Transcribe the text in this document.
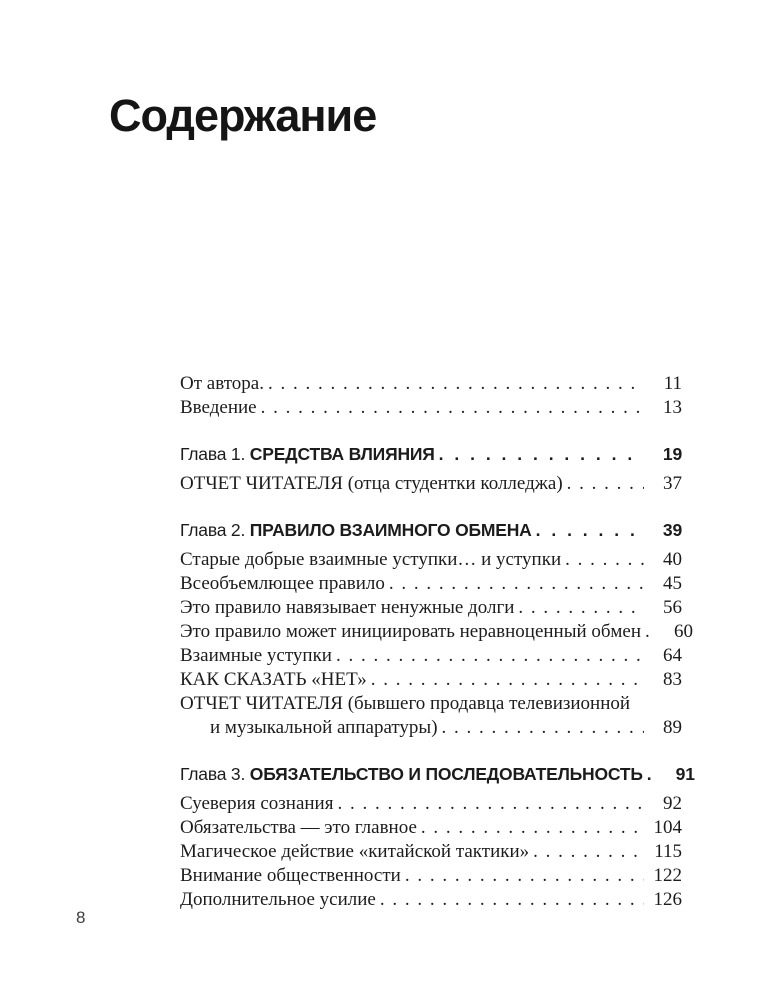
Содержание
От автора. . . .	11
Введение . . .	13
Глава 1. СРЕДСТВА ВЛИЯНИЯ . . .	19
ОТЧЕТ ЧИТАТЕЛЯ (отца студентки колледжа) . . .	37
Глава 2. ПРАВИЛО ВЗАИМНОГО ОБМЕНА . . .	39
Старые добрые взаимные уступки… и уступки . . .	40
Всеобъемлющее правило . . .	45
Это правило навязывает ненужные долги . . .	56
Это правило может инициировать неравноценный обмен . . .	60
Взаимные уступки . . .	64
КАК СКАЗАТЬ «НЕТ» . . .	83
ОТЧЕТ ЧИТАТЕЛЯ (бывшего продавца телевизионной
и музыкальной аппаратуры) . . .	89
Глава 3. ОБЯЗАТЕЛЬСТВО И ПОСЛЕДОВАТЕЛЬНОСТЬ . . .	91
Суеверия сознания . . .	92
Обязательства — это главное . . .	104
Магическое действие «китайской тактики» . . .	115
Внимание общественности . . .	122
Дополнительное усилие . . .	126
8
